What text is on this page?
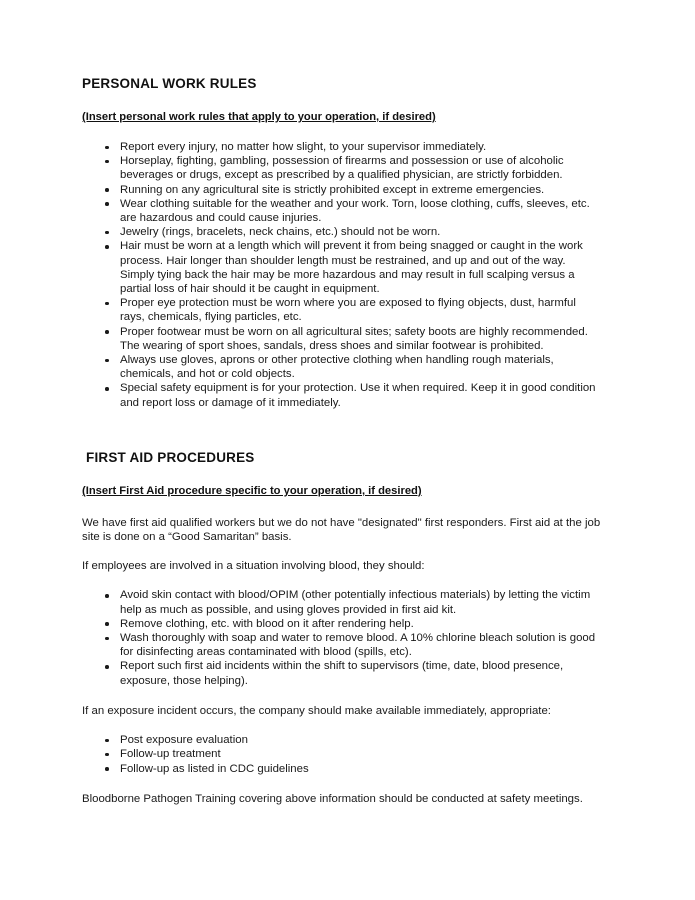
PERSONAL WORK RULES

(Insert personal work rules that apply to your operation, if desired)

Report every injury, no matter how slight, to your supervisor immediately.
Horseplay, fighting, gambling, possession of firearms and possession or use of alcoholic beverages or drugs, except as prescribed by a qualified physician, are strictly forbidden.
Running on any agricultural site is strictly prohibited except in extreme emergencies.
Wear clothing suitable for the weather and your work. Torn, loose clothing, cuffs, sleeves, etc. are hazardous and could cause injuries.
Jewelry (rings, bracelets, neck chains, etc.) should not be worn.
Hair must be worn at a length which will prevent it from being snagged or caught in the work process. Hair longer than shoulder length must be restrained, and up and out of the way. Simply tying back the hair may be more hazardous and may result in full scalping versus a partial loss of hair should it be caught in equipment.
Proper eye protection must be worn where you are exposed to flying objects, dust, harmful rays, chemicals, flying particles, etc.
Proper footwear must be worn on all agricultural sites; safety boots are highly recommended. The wearing of sport shoes, sandals, dress shoes and similar footwear is prohibited.
Always use gloves, aprons or other protective clothing when handling rough materials, chemicals, and hot or cold objects.
Special safety equipment is for your protection. Use it when required. Keep it in good condition and report loss or damage of it immediately.
FIRST AID PROCEDURES

(Insert First Aid procedure specific to your operation, if desired)

We have first aid qualified workers but we do not have "designated" first responders. First aid at the job site is done on a “Good Samaritan” basis.

If employees are involved in a situation involving blood, they should:

Avoid skin contact with blood/OPIM (other potentially infectious materials) by letting the victim help as much as possible, and using gloves provided in first aid kit.
Remove clothing, etc. with blood on it after rendering help.
Wash thoroughly with soap and water to remove blood. A 10% chlorine bleach solution is good for disinfecting areas contaminated with blood (spills, etc).
Report such first aid incidents within the shift to supervisors (time, date, blood presence, exposure, those helping).

If an exposure incident occurs, the company should make available immediately, appropriate:

Post exposure evaluation
Follow-up treatment
Follow-up as listed in CDC guidelines

Bloodborne Pathogen Training covering above information should be conducted at safety meetings.
